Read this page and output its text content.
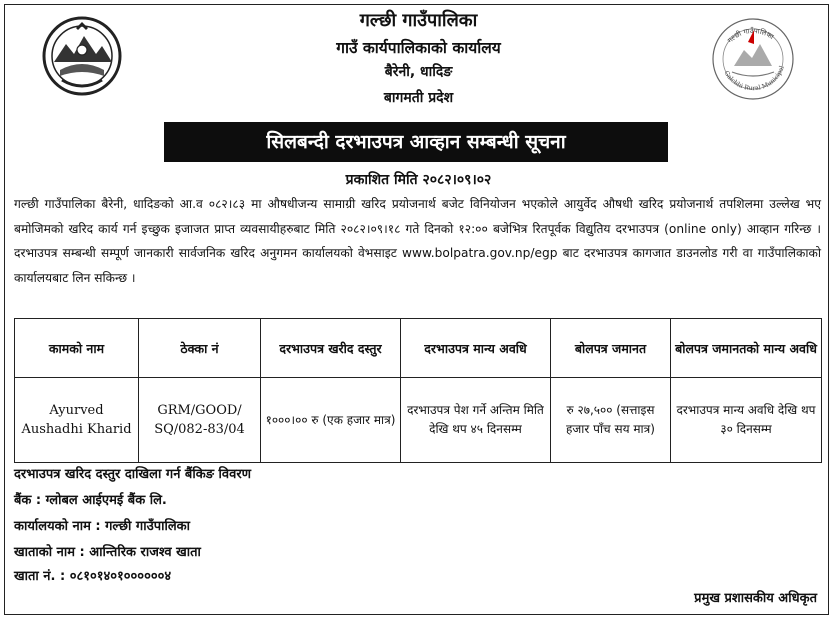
Galchhi Rural Municipal
गल्छी गाउँपालिका
गल्छी गाउँपालिका
गाउँ कार्यपालिकाको कार्यालय
बैरेनी, धादिङ
बागमती प्रदेश
सिलबन्दी दरभाउपत्र आव्हान सम्बन्धी सूचना
प्रकाशित मिति २०८२।०९।०२
गल्छी गाउँपालिका बैरेनी, धादिङको आ.व ०८२।८३ मा औषधीजन्य सामाग्री खरिद प्रयोजनार्थ बजेट विनियोजन भएकोले आयुर्वेद औषधी खरिद प्रयोजनार्थ तपशिलमा उल्लेख भए बमोजिमको खरिद कार्य गर्न इच्छुक इजाजत प्राप्त व्यवसायीहरुबाट मिति २०८२।०९।१८ गते दिनको १२:०० बजेभित्र रितपूर्वक विद्युतिय दरभाउपत्र (online only) आव्हान गरिन्छ । दरभाउपत्र सम्बन्धी सम्पूर्ण जानकारी सार्वजनिक खरिद अनुगमन कार्यालयको वेभसाइट www.bolpatra.gov.np/egp बाट दरभाउपत्र कागजात डाउनलोड गरी वा गाउँपालिकाको कार्यालयबाट लिन सकिन्छ ।
कामको नाम	ठेक्का नं	दरभाउपत्र खरीद दस्तुर	दरभाउपत्र मान्य अवधि	बोलपत्र जमानत	बोलपत्र जमानतको मान्य अवधि
Ayurved Aushadhi Kharid	GRM/GOOD/ SQ/082-83/04	१०००।०० रु (एक हजार मात्र)	दरभाउपत्र पेश गर्ने अन्तिम मिति देखि थप ४५ दिनसम्म	रु २७,५०० (सत्ताइस हजार पाँच सय मात्र)	दरभाउपत्र मान्य अवधि देखि थप ३० दिनसम्म
दरभाउपत्र खरिद दस्तुर दाखिला गर्न बैंकिङ विवरण
बैंक : ग्लोबल आईएमई बैंक लि.
कार्यालयको नाम : गल्छी गाउँपालिका
खाताको नाम : आन्तिरिक राजश्व खाता
खाता नं. : ०८१०१४०१००००००४
प्रमुख प्रशासकीय अधिकृत
